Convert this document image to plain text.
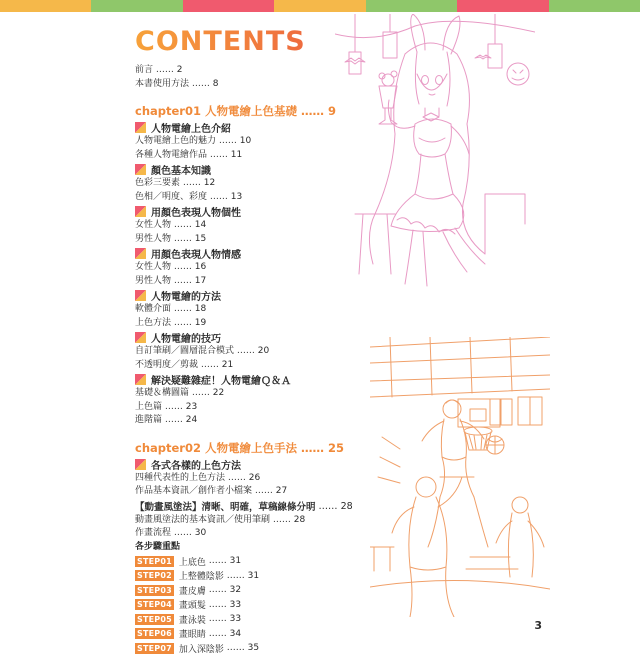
CONTENTS
前言 …… 2
本書使用方法 …… 8
chapter01 人物電繪上色基礎 …… 9
人物電繪上色介紹
人物電繪上色的魅力 …… 10
各種人物電繪作品 …… 11
顏色基本知識
色彩三要素 …… 12
色相／明度、彩度 …… 13
用顏色表現人物個性
女性人物 …… 14
男性人物 …… 15
用顏色表現人物情感
女性人物 …… 16
男性人物 …… 17
人物電繪的方法
軟體介面 …… 18
上色方法 …… 19
人物電繪的技巧
自訂筆刷／圖層混合模式 …… 20
不透明度／剪裁 …… 21
解決疑難雜症！人物電繪Ｑ＆Ａ
基礎＆構圖篇 …… 22
上色篇 …… 23
進階篇 …… 24
chapter02 人物電繪上色手法 …… 25
各式各樣的上色方法
四種代表性的上色方法 …… 26
作品基本資訊／創作者小檔案 …… 27
【動畫風塗法】清晰、明確，草稿線條分明 …… 28
動畫風塗法的基本資訊／使用筆刷 …… 28
作畫流程 …… 30
各步驟重點
STEP01 上底色 …… 31
STEP02 上整體陰影 …… 31
STEP03 畫皮膚 …… 32
STEP04 畫頭髮 …… 33
STEP05 畫泳裝 …… 33
STEP06 畫眼睛 …… 34
STEP07 加入深陰影 …… 35
3
